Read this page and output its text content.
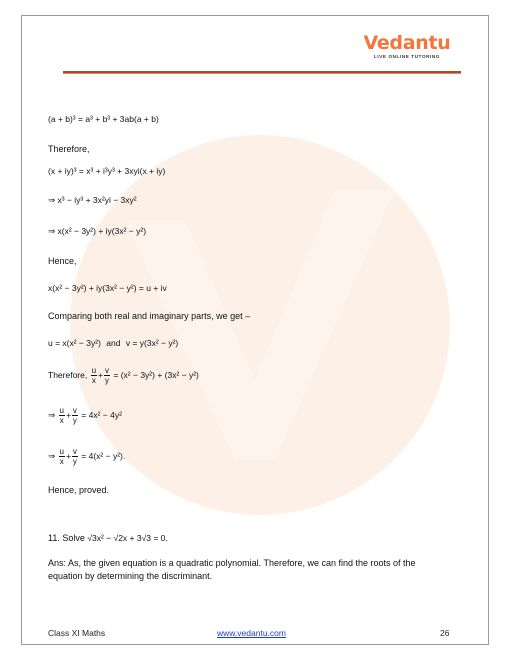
Vedantu
LIVE ONLINE TUTORING
(a + b)³ = a³ + b³ + 3ab(a + b)
Therefore,
(x + iy)³ = x³ + i³y³ + 3xyi(x + iy)
⇒ x³ − iy³ + 3x²yi − 3xy²
⇒ x(x² − 3y²) + iy(3x² − y²)
Hence,
x(x² − 3y²) + iy(3x² − y²) = u + iv
Comparing both real and imaginary parts, we get –
u = x(x² − 3y²) and v = y(3x² − y²)
Therefore, $\frac{u}{x} + \frac{v}{y} = (x^2 - 3y^2) + (3x^2 - y^2)$
⇒ $\frac{u}{x} + \frac{v}{y} = 4x^2 - 4y^2$
⇒ $\frac{u}{x} + \frac{v}{y} = 4(x^2 - y^2)$.
Hence, proved.
11. Solve √3x² − √2x + 3√3 = 0.
Ans: As, the given equation is a quadratic polynomial. Therefore, we can find the roots of the
equation by determining the discriminant.
Class XI Maths	www.vedantu.com	26
